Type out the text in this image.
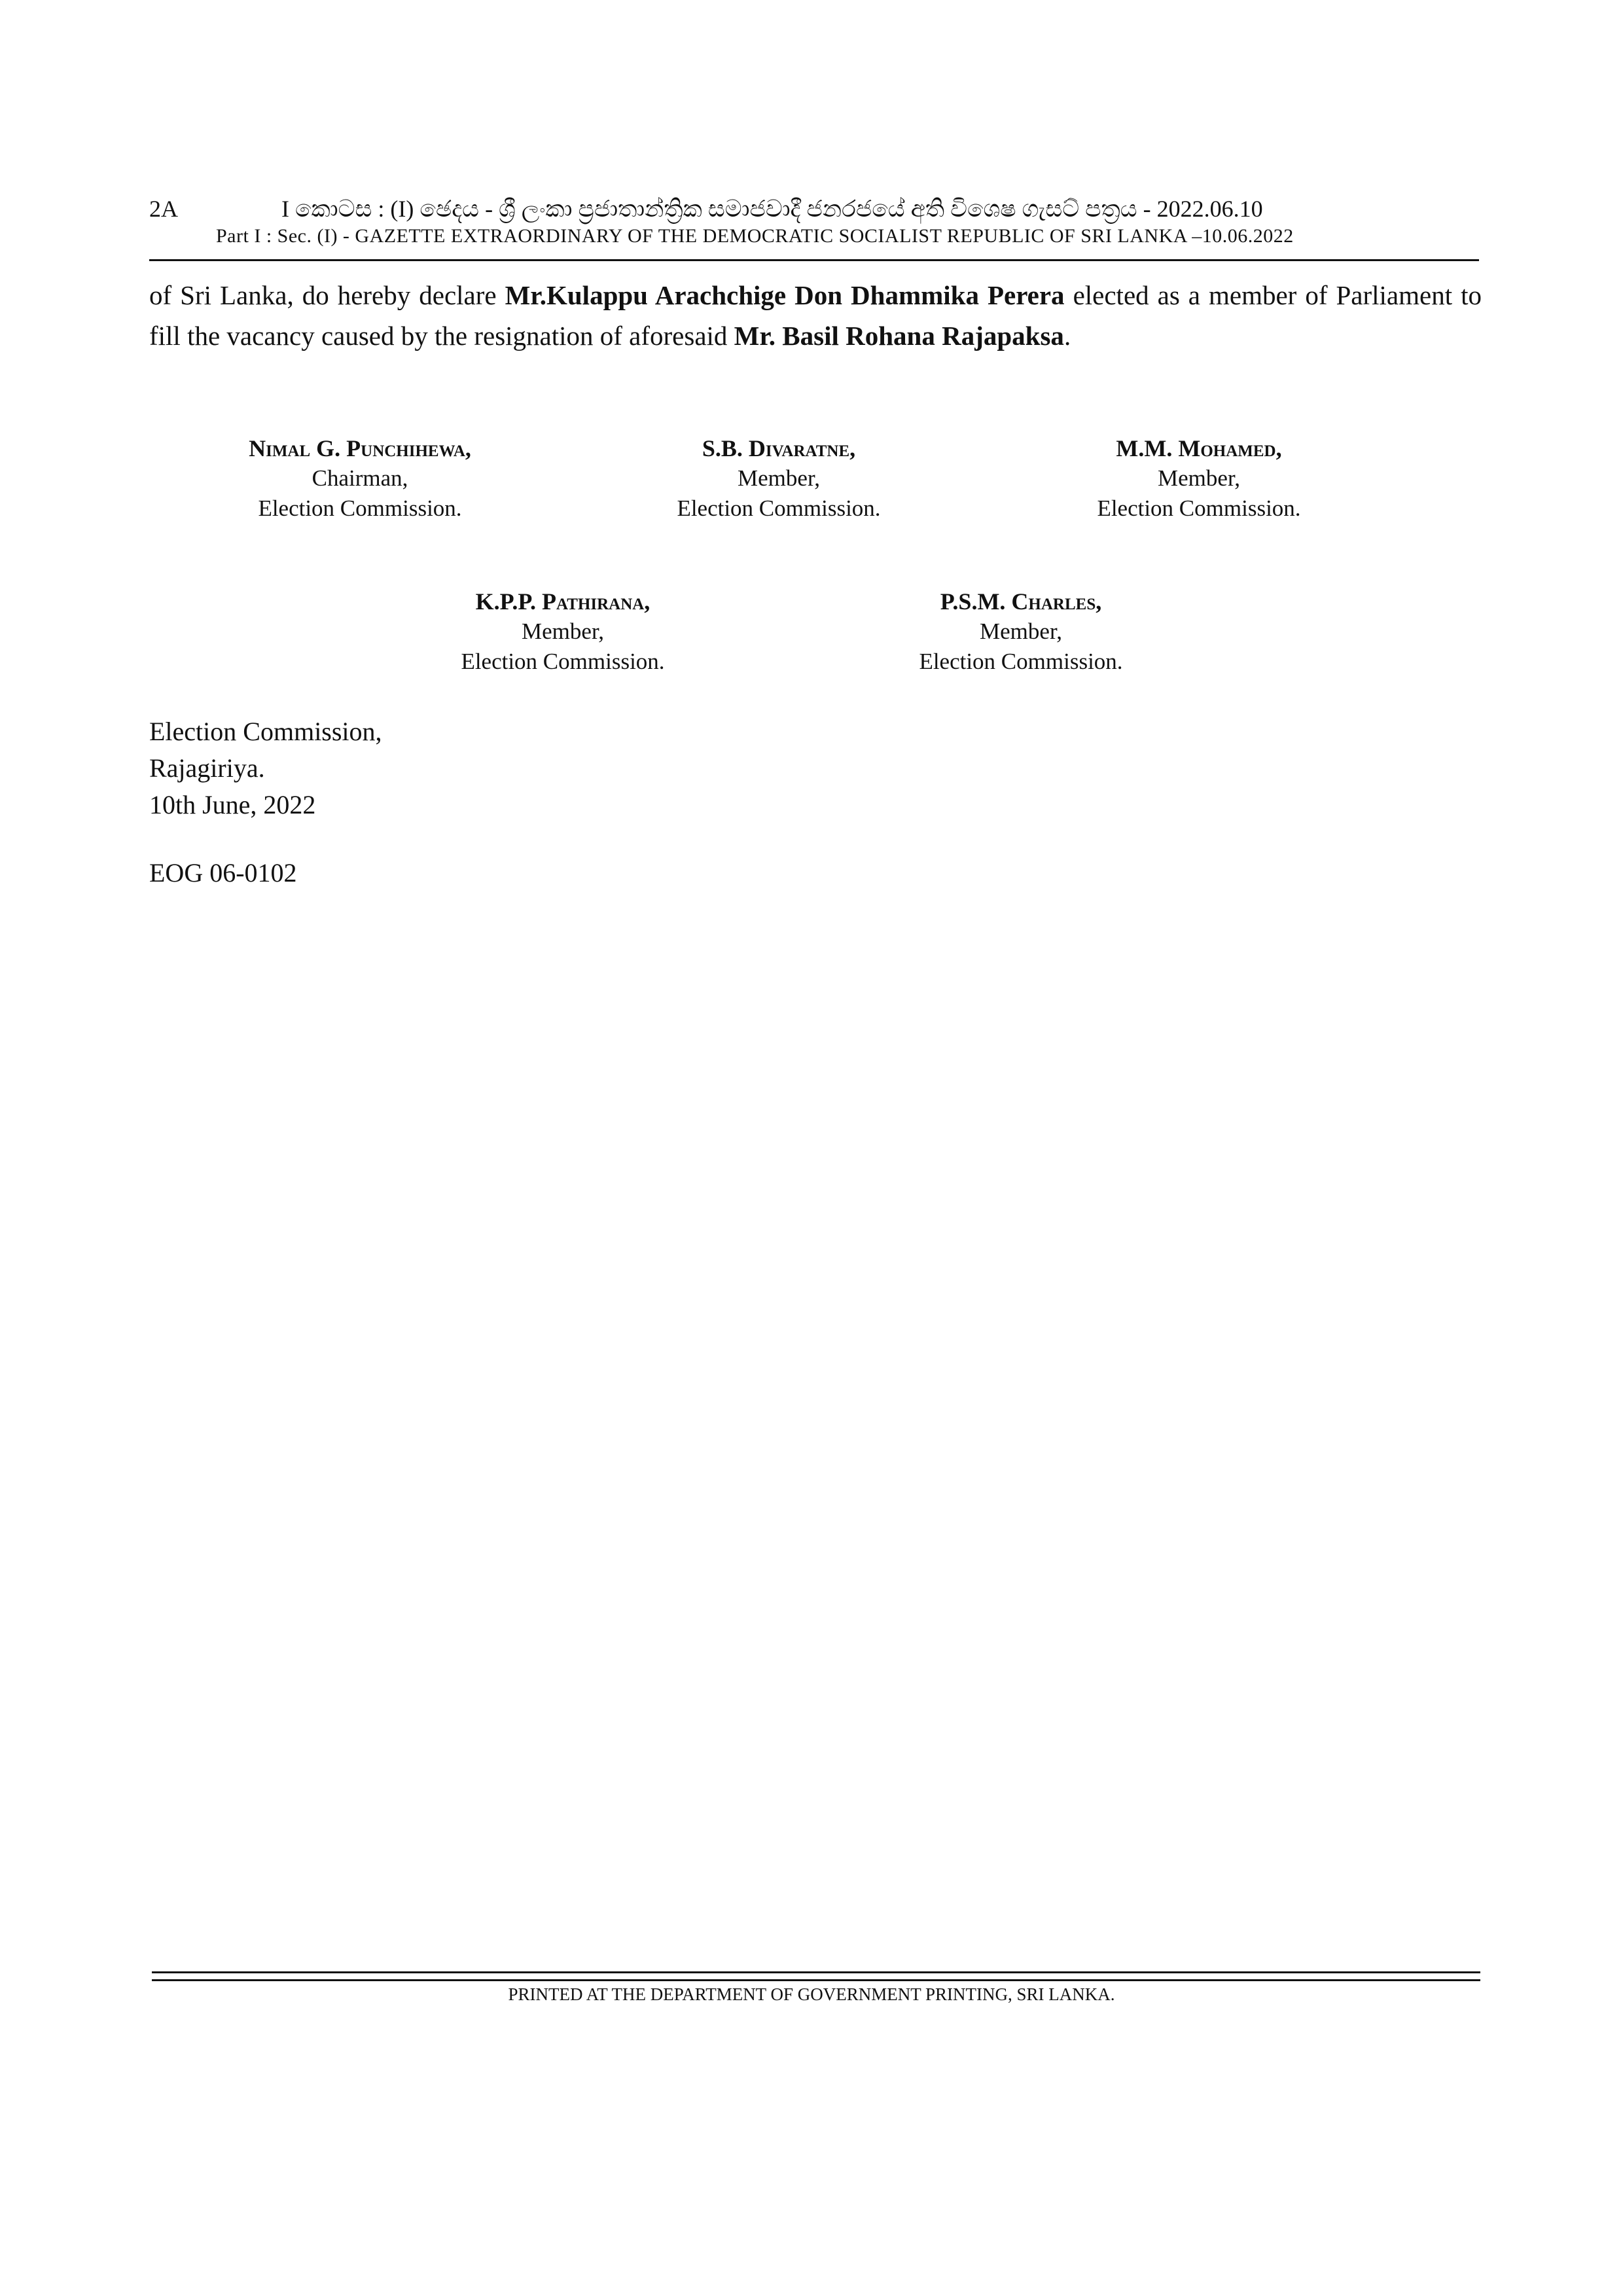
2A	I කොටස : (I) ඡෙදය - ශ්‍රී ලංකා ප්‍රජාතාන්ත්‍රික සමාජවාදී ජනරජයේ අති විශෙෂ ගැසට් පත්‍රය - 2022.06.10
Part I : Sec. (I) - GAZETTE EXTRAORDINARY OF THE DEMOCRATIC SOCIALIST REPUBLIC OF SRI LANKA –10.06.2022
of Sri Lanka, do hereby declare Mr.Kulappu Arachchige Don Dhammika Perera elected as a member of Parliament to fill the vacancy caused by the resignation of aforesaid Mr. Basil Rohana Rajapaksa.
Nimal G. Punchihewa,
Chairman,
Election Commission.
S.B. Divaratne,
Member,
Election Commission.
M.M. Mohamed,
Member,
Election Commission.
K.P.P. Pathirana,
Member,
Election Commission.
P.S.M. Charles,
Member,
Election Commission.
Election Commission,
Rajagiriya.
10th June, 2022
EOG 06-0102
PRINTED AT THE DEPARTMENT OF GOVERNMENT PRINTING, SRI LANKA.
